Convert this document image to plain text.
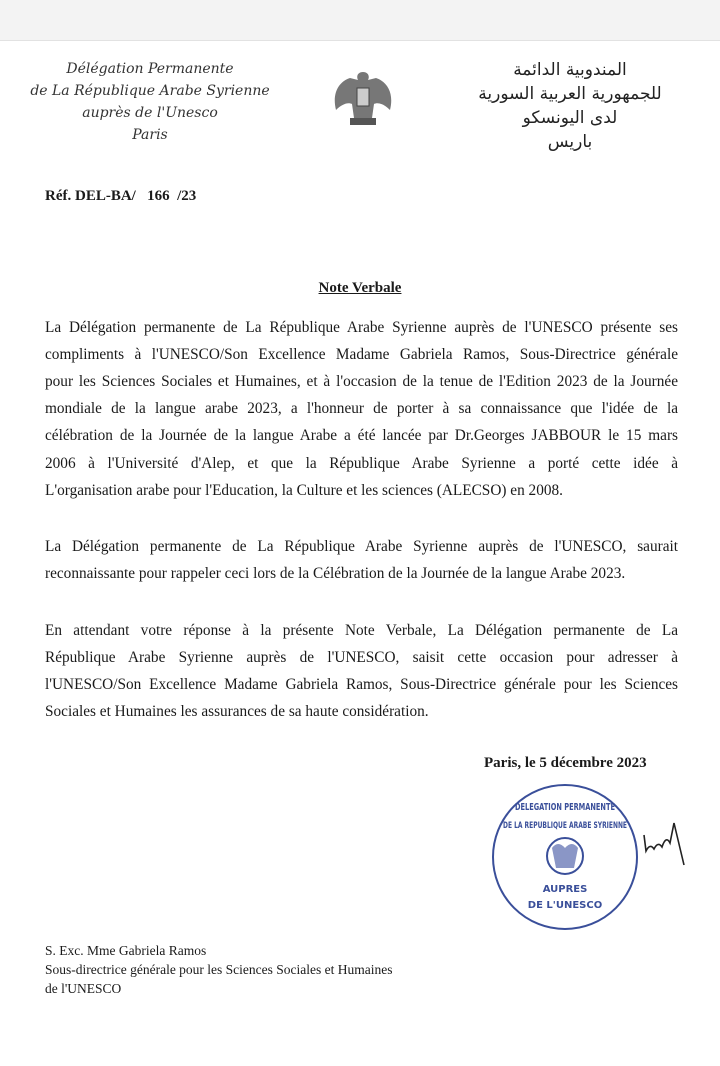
Délégation Permanente
de La République Arabe Syrienne
auprès de l'Unesco
Paris
المندوبية الدائمة
للجمهورية العربية السورية
لدى اليونسكو
باريس
Réf. DEL-BA/   166  /23
Note Verbale
La Délégation permanente de La République Arabe Syrienne auprès de l'UNESCO présente ses
compliments à l'UNESCO/Son Excellence Madame Gabriela Ramos, Sous-Directrice générale
pour les Sciences Sociales et Humaines, et à l'occasion de la tenue de l'Edition 2023 de la Journée
mondiale de la langue arabe 2023, a l'honneur de porter à sa connaissance que l'idée de la
célébration de la Journée de la langue Arabe a été lancée par Dr.Georges JABBOUR le 15 mars
2006 à l'Université d'Alep, et que la République Arabe Syrienne a porté cette idée à
L'organisation arabe pour l'Education, la Culture et les sciences (ALECSO) en 2008.
La Délégation permanente de La République Arabe Syrienne auprès de l'UNESCO, saurait
reconnaissante pour rappeler ceci lors de la Célébration de la Journée de la langue Arabe 2023.
En attendant votre réponse à la présente Note Verbale, La Délégation permanente de La
République Arabe Syrienne auprès de l'UNESCO, saisit cette occasion pour adresser à
l'UNESCO/Son Excellence Madame Gabriela Ramos, Sous-Directrice générale pour les Sciences
Sociales et Humaines les assurances de sa haute considération.
Paris, le 5 décembre 2023
DELEGATION PERMANENTE
DE LA REPUBLIQUE ARABE SYRIENNE
AUPRES
DE L'UNESCO
S. Exc. Mme Gabriela Ramos
Sous-directrice générale pour les Sciences Sociales et Humaines
de l'UNESCO
